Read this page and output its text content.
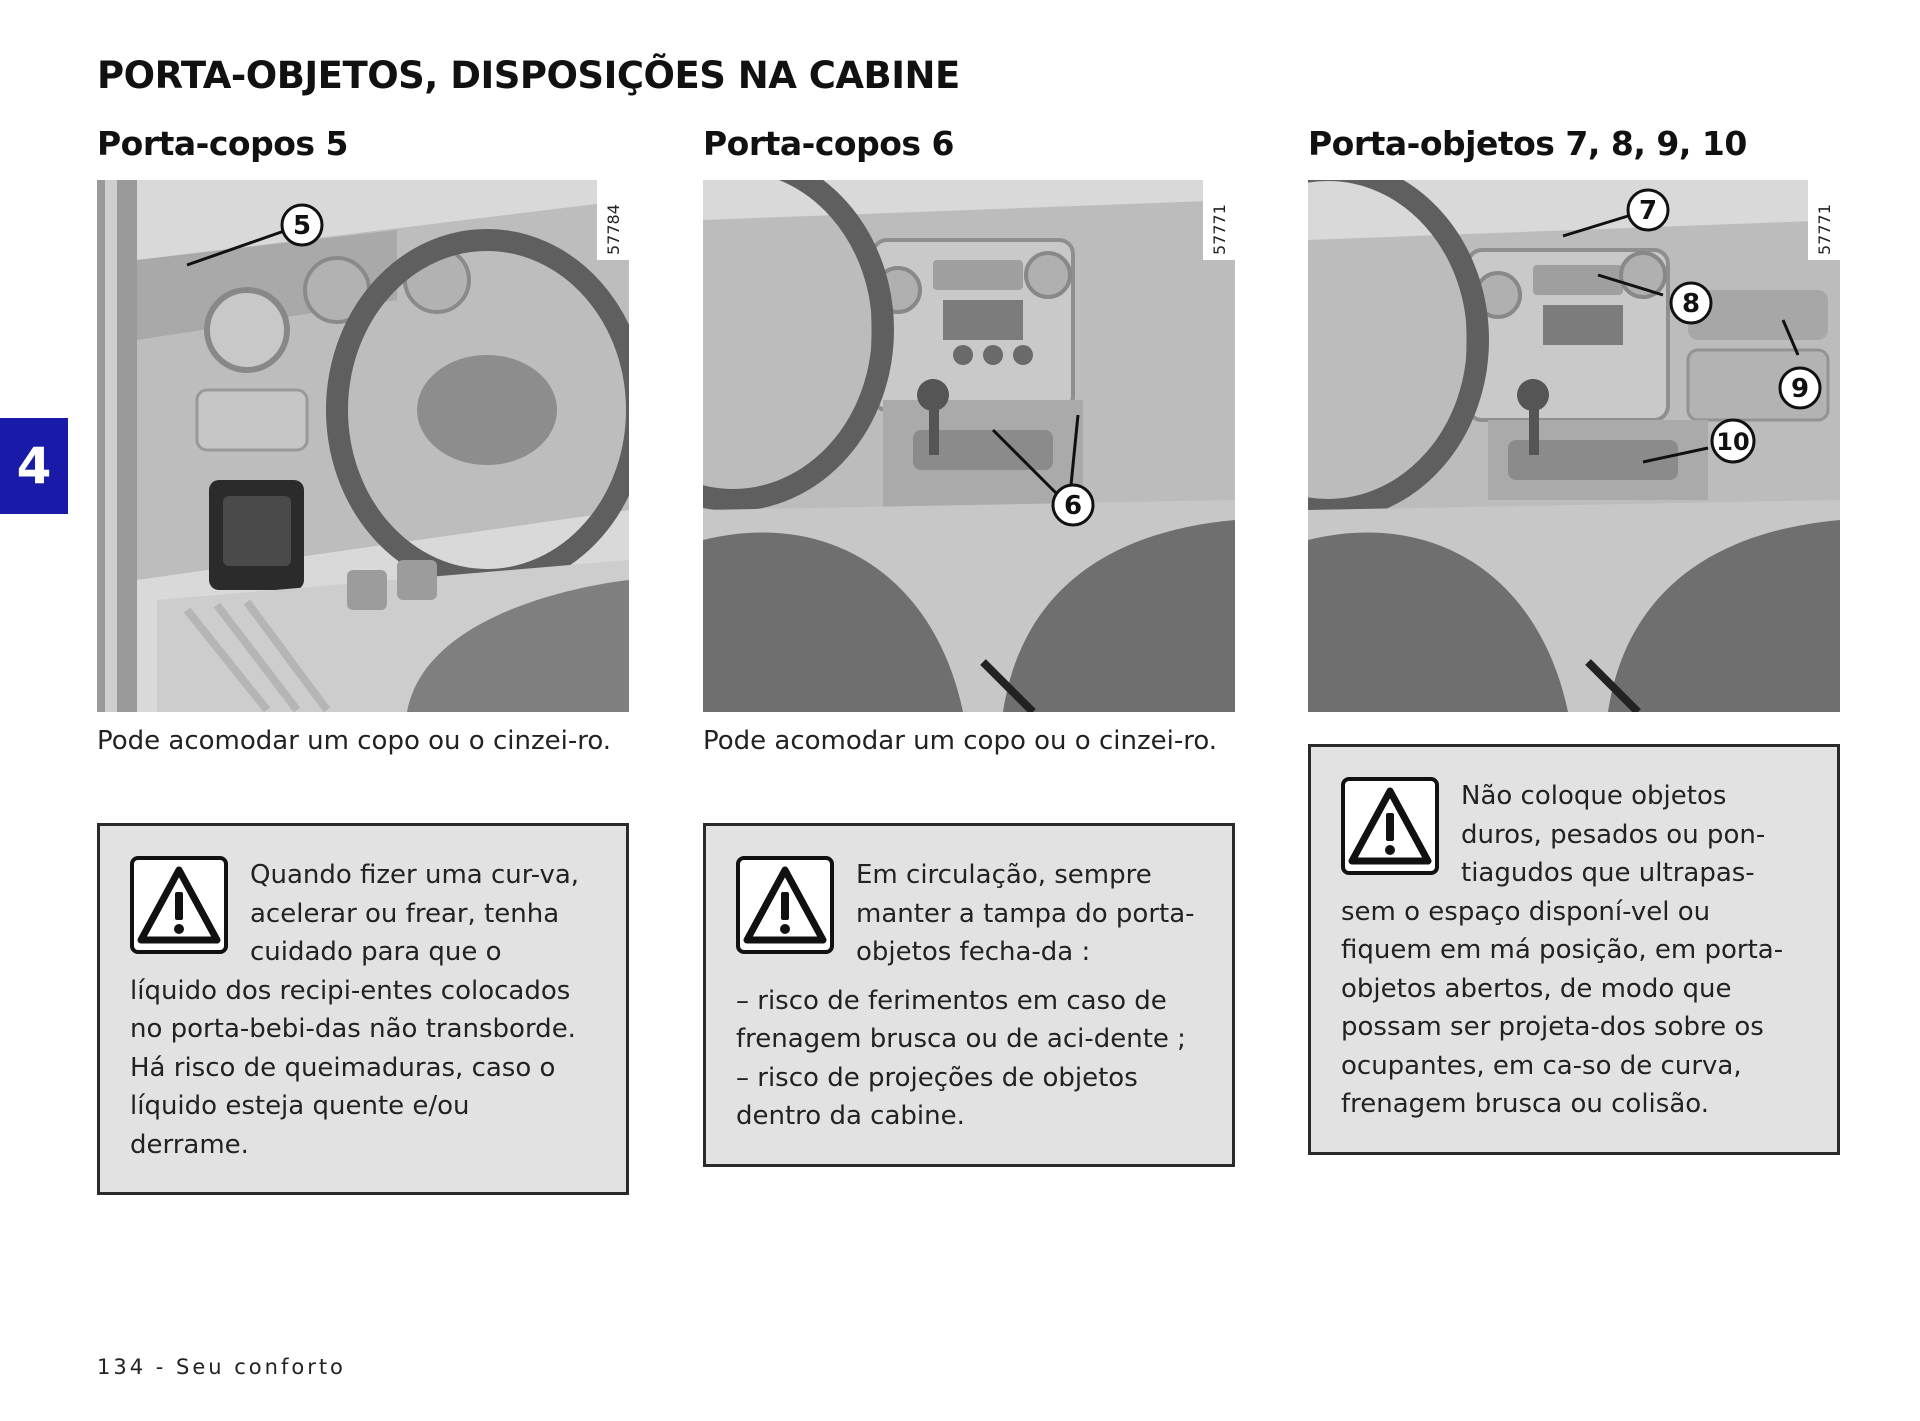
PORTA-OBJETOS, DISPOSIÇÕES NA CABINE
4
Porta-copos 5
5	57784

Pode acomodar um copo ou o cinzei-ro.

Quando fizer uma cur-va, acelerar ou frear, tenha cuidado para que o líquido dos recipi-entes colocados no porta-bebi-das não transborde. Há risco de queimaduras, caso o líquido esteja quente e/ou derrame.

Porta-copos 6
6
57771

Pode acomodar um copo ou o cinzei-ro.

Em circulação, sempre manter a tampa do porta-objetos fecha-da :

– risco de ferimentos em caso de frenagem brusca ou de aci-dente ;
– risco de projeções de objetos dentro da cabine.
Porta-objetos 7, 8, 9, 10
7
8
9
10
57771

Não coloque objetos duros, pesados ou pon-tiagudos que ultrapas-sem o espaço disponí-vel ou fiquem em má posição, em porta-objetos abertos, de modo que possam ser projeta-dos sobre os ocupantes, em ca-so de curva, frenagem brusca ou colisão.

134 - Seu conforto
